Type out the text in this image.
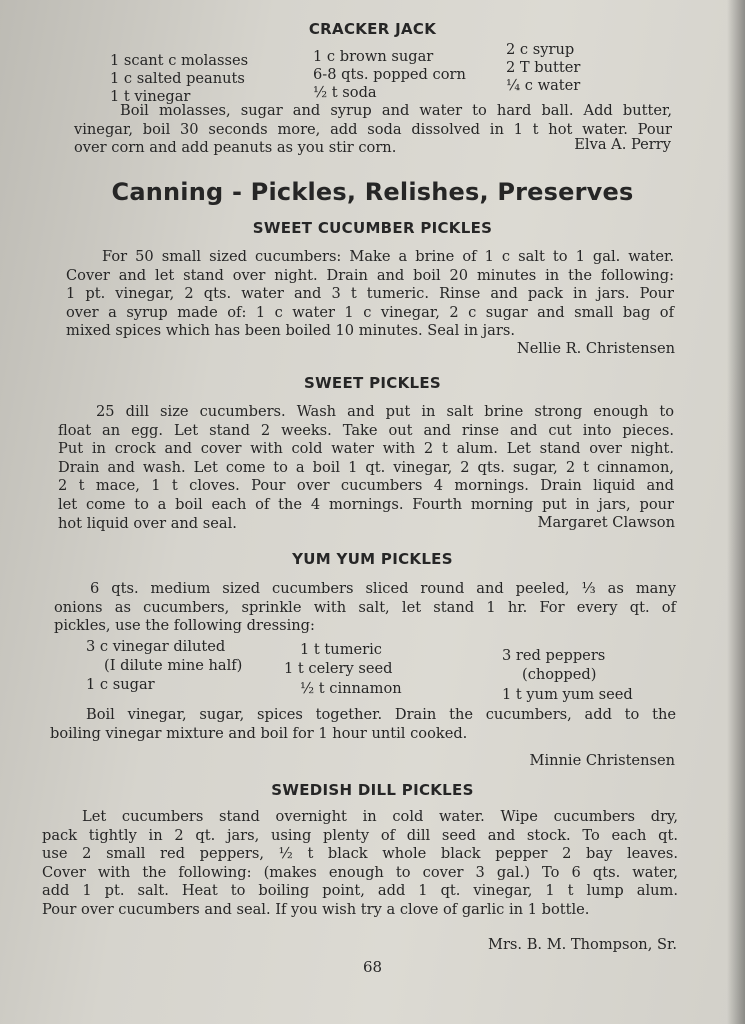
CRACKER JACK
1 scant c molasses
1 c salted peanuts
1 t vinegar
1 c brown sugar
6-8 qts. popped corn
½ t soda
2 c syrup
2 T butter
¼ c water
Boil molasses, sugar and syrup and water to hard ball. Add butter,
vinegar, boil 30 seconds more, add soda dissolved in 1 t hot water. Pour
over corn and add peanuts as you stir corn.	Elva A. Perry
Canning - Pickles, Relishes, Preserves
SWEET CUCUMBER PICKLES
For 50 small sized cucumbers: Make a brine of 1 c salt to 1 gal. water.
Cover and let stand over night. Drain and boil 20 minutes in the following:
1 pt. vinegar, 2 qts. water and 3 t tumeric. Rinse and pack in jars. Pour
over a syrup made of: 1 c water 1 c vinegar, 2 c sugar and small bag of
mixed spices which has been boiled 10 minutes. Seal in jars.
Nellie R. Christensen
SWEET PICKLES
25 dill size cucumbers. Wash and put in salt brine strong enough to
float an egg. Let stand 2 weeks. Take out and rinse and cut into pieces.
Put in crock and cover with cold water with 2 t alum. Let stand over night.
Drain and wash. Let come to a boil 1 qt. vinegar, 2 qts. sugar, 2 t cinnamon,
2 t mace, 1 t cloves. Pour over cucumbers 4 mornings. Drain liquid and
let come to a boil each of the 4 mornings. Fourth morning put in jars, pour
hot liquid over and seal.	Margaret Clawson
YUM YUM PICKLES
6 qts. medium sized cucumbers sliced round and peeled, ⅓ as many
onions as cucumbers, sprinkle with salt, let stand 1 hr. For every qt. of
pickles, use the following dressing:
3 c vinegar diluted
(I dilute mine half)
1 c sugar
1 t tumeric
1 t celery seed
½ t cinnamon
3 red peppers
(chopped)
1 t yum yum seed
Boil vinegar, sugar, spices together. Drain the cucumbers, add to the
boiling vinegar mixture and boil for 1 hour until cooked.
Minnie Christensen
SWEDISH DILL PICKLES
Let cucumbers stand overnight in cold water. Wipe cucumbers dry,
pack tightly in 2 qt. jars, using plenty of dill seed and stock. To each qt.
use 2 small red peppers, ½ t black whole black pepper 2 bay leaves.
Cover with the following: (makes enough to cover 3 gal.) To 6 qts. water,
add 1 pt. salt. Heat to boiling point, add 1 qt. vinegar, 1 t lump alum.
Pour over cucumbers and seal. If you wish try a clove of garlic in 1 bottle.
Mrs. B. M. Thompson, Sr.
68
